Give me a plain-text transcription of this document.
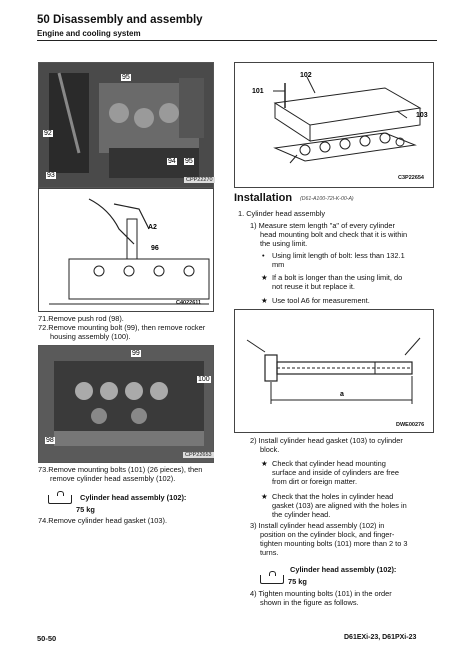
50 Disassembly and assembly
Engine and cooling system
95
92
93
94 95
CPP22270
A2
96
C4022611
71.Remove push rod (98).
72.Remove mounting bolt (99), then remove rocker
housing assembly (100).
99
100
98
CPP22653
73.Remove mounting bolts (101) (26 pieces), then
remove cylinder head assembly (102).
Cylinder head assembly (102):
75 kg
74.Remove cylinder head gasket (103).
101
102
103
C3P22654
Installation (D61-A100-72I-K-00-A)
1. Cylinder head assembly
1) Measure stem length "a" of every cylinder
head mounting bolt and check that it is within
the using limit.
• Using limit length of bolt: less than 132.1
mm
★ If a bolt is longer than the using limit, do
not reuse it but replace it.
★ Use tool A6 for measurement.
a
DWE00276
2) Install cylinder head gasket (103) to cylinder
block.
★ Check that cylinder head mounting
surface and inside of cylinders are free
from dirt or foreign matter.
★ Check that the holes in cylinder head
gasket (103) are aligned with the holes in
the cylinder head.
3) Install cylinder head assembly (102) in
position on the cylinder block, and finger-
tighten mounting bolts (101) more than 2 to 3
turns.
Cylinder head assembly (102):
75 kg
4) Tighten mounting bolts (101) in the order
shown in the figure as follows.
50-50	D61EXi-23, D61PXi-23
